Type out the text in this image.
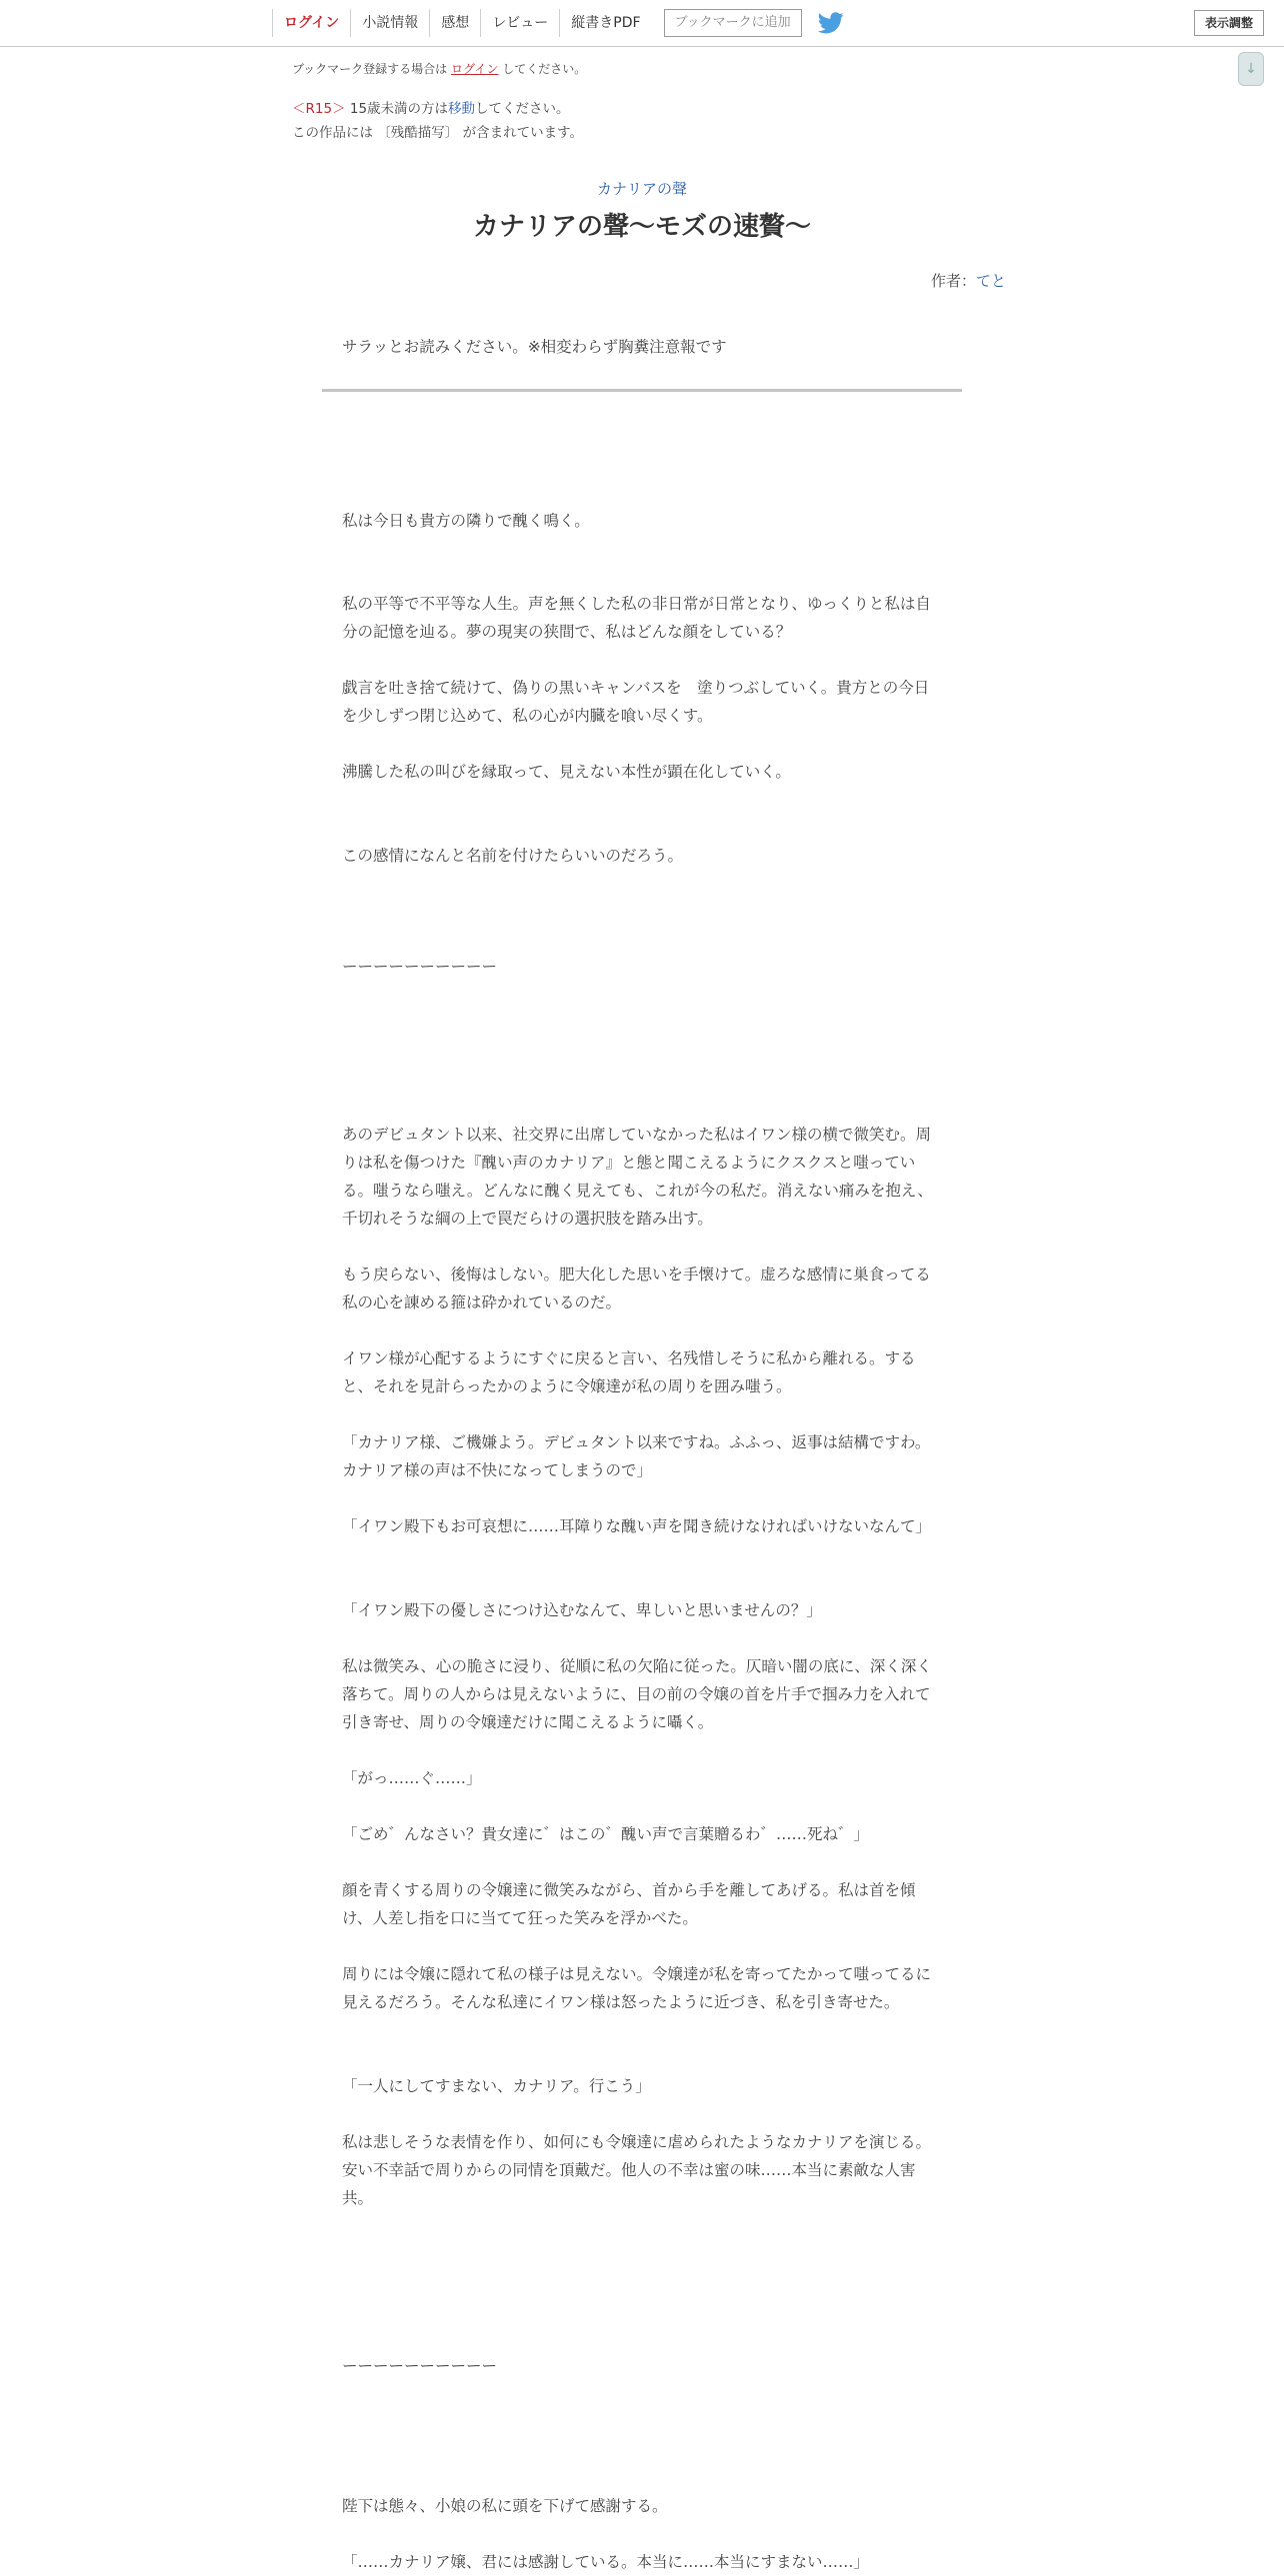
ログイン	小説情報	感想	レビュー	縦書きPDF	ブックマークに追加	表示調整
↓
ブックマーク登録する場合は ログイン してください。
＜R15＞ 15歳未満の方は移動してください。
この作品には 〔残酷描写〕 が含まれています。
カナリアの聲
カナリアの聲〜モズの速贅〜
作者：てと
サラッとお読みください。※相変わらず胸糞注意報です

私は今日も貴方の隣りで醜く鳴く。

私の平等で不平等な人生。声を無くした私の非日常が日常となり、ゆっくりと私は自分の記憶を辿る。夢の現実の狭間で、私はどんな顔をしている？

戯言を吐き捨て続けて、偽りの黒いキャンバスを　塗りつぶしていく。貴方との今日を少しずつ閉じ込めて、私の心が内臓を喰い尽くす。

沸騰した私の叫びを縁取って、見えない本性が顕在化していく。

この感情になんと名前を付けたらいいのだろう。

ーーーーーーーーーー

あのデビュタント以来、社交界に出席していなかった私はイワン様の横で微笑む。周りは私を傷つけた『醜い声のカナリア』と態と聞こえるようにクスクスと嗤っている。嗤うなら嗤え。どんなに醜く見えても、これが今の私だ。消えない痛みを抱え、千切れそうな綱の上で罠だらけの選択肢を踏み出す。

もう戻らない、後悔はしない。肥大化した思いを手懐けて。虚ろな感情に巣食ってる私の心を諌める箍は砕かれているのだ。

イワン様が心配するようにすぐに戻ると言い、名残惜しそうに私から離れる。すると、それを見計らったかのように令嬢達が私の周りを囲み嗤う。

「カナリア様、ご機嫌よう。デビュタント以来ですね。ふふっ、返事は結構ですわ。カナリア様の声は不快になってしまうので」

「イワン殿下もお可哀想に……耳障りな醜い声を聞き続けなければいけないなんて」

「イワン殿下の優しさにつけ込むなんて、卑しいと思いませんの？」

私は微笑み、心の脆さに浸り、従順に私の欠陥に従った。仄暗い闇の底に、深く深く落ちて。周りの人からは見えないように、目の前の令嬢の首を片手で掴み力を入れて引き寄せ、周りの令嬢達だけに聞こえるように囁く。

「がっ……ぐ……」

「ごめ゛んなさい？貴女達に゛はこの゛醜い声で言葉贈るわ゛……死ね゛」

顔を青くする周りの令嬢達に微笑みながら、首から手を離してあげる。私は首を傾け、人差し指を口に当てて狂った笑みを浮かべた。

周りには令嬢に隠れて私の様子は見えない。令嬢達が私を寄ってたかって嗤ってるに見えるだろう。そんな私達にイワン様は怒ったように近づき、私を引き寄せた。

「一人にしてすまない、カナリア。行こう」

私は悲しそうな表情を作り、如何にも令嬢達に虐められたようなカナリアを演じる。安い不幸話で周りからの同情を頂戴だ。他人の不幸は蜜の味……本当に素敵な人害共。

ーーーーーーーーーー

陛下は態々、小娘の私に頭を下げて感謝する。

「……カナリア嬢、君には感謝している。本当に……本当にすまない……」
